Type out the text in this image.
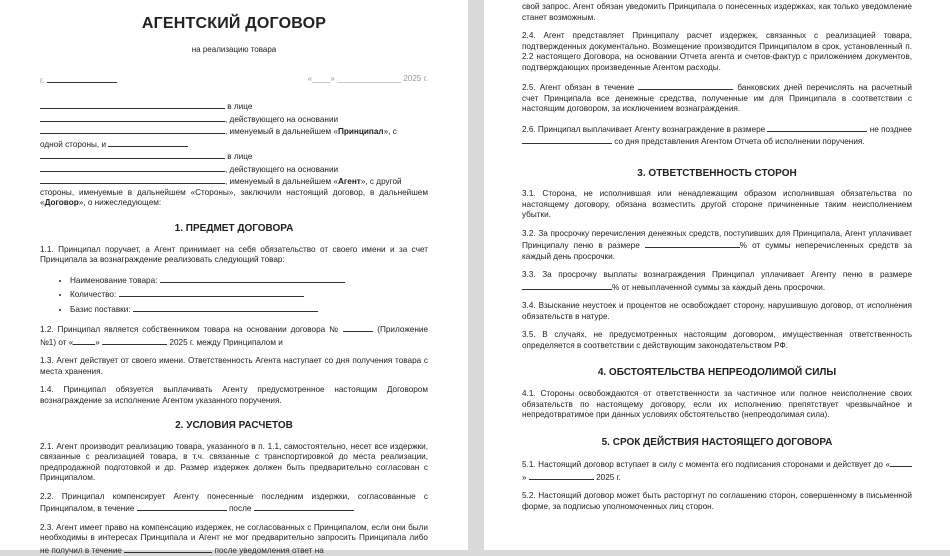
АГЕНТСКИЙ ДОГОВОР
на реализацию товара
г.	«____» ______________ 2025 г.

в лице

, действующего на основании

, именуемый в дальнейшем «Принципал», с

одной стороны, и

в лице

, действующего на основании

, именуемый в дальнейшем «Агент», с другой

стороны, именуемые в дальнейшем «Стороны», заключили настоящий договор, в дальнейшем «Договор», о нижеследующем:

1. ПРЕДМЕТ ДОГОВОРА

1.1. Принципал поручает, а Агент принимает на себя обязательство от своего имени и за счет Принципала за вознаграждение реализовать следующий товар:

• Наименование товара:
• Количество:
• Базис поставки:

1.2. Принципал является собственником товара на основании договора №	(Приложение №1) от «	»	2025 г. между Принципалом и

1.3. Агент действует от своего имени. Ответственность Агента наступает со дня получения товара с места хранения.

1.4. Принципал обязуется выплачивать Агенту предусмотренное настоящим Договором вознаграждение за исполнение Агентом указанного поручения.

2. УСЛОВИЯ РАСЧЕТОВ

2.1. Агент производит реализацию товара, указанного в п. 1.1, самостоятельно, несет все издержки, связанные с реализацией товара, в т.ч. связанные с транспортировкой до места реализации, предпродажной подготовкой и др. Размер издержек должен быть предварительно согласован с Принципалом.

2.2. Принципал компенсирует Агенту понесенные последним издержки, согласованные с Принципалом, в течение	после

2.3. Агент имеет право на компенсацию издержек, не согласованных с Принципалом, если они были необходимы в интересах Принципала и Агент не мог предварительно запросить Принципала либо не получил в течение	после уведомления ответ на

свой запрос. Агент обязан уведомить Принципала о понесенных издержках, как только уведомление станет возможным.

2.4. Агент представляет Принципалу расчет издержек, связанных с реализацией товара, подтвержденных документально. Возмещение производится Принципалом в срок, установленный п. 2.2 настоящего Договора, на основании Отчета агента и счетов-фактур с приложением документов, подтверждающих произведенные Агентом расходы.

2.5. Агент обязан в течение	банковских дней перечислять на расчетный счет Принципала все денежные средства, полученные им для Принципала в соответствии с настоящим договором, за исключением вознаграждения.

2.6. Принципал выплачивает Агенту вознаграждение в размере	не позднее  со дня представления Агентом Отчета об исполнении поручения.

3. ОТВЕТСТВЕННОСТЬ СТОРОН

3.1. Сторона, не исполнившая или ненадлежащим образом исполнившая обязательства по настоящему договору, обязана возместить другой стороне причиненные таким неисполнением убытки.

3.2. За просрочку перечисления денежных средств, поступивших для Принципала, Агент уплачивает Принципалу пеню в размере	% от суммы неперечисленных средств за каждый день просрочки.

3.3. За просрочку выплаты вознаграждения Принципал уплачивает Агенту пеню в размере % от невыплаченной суммы за каждый день просрочки.

3.4. Взыскание неустоек и процентов не освобождает сторону, нарушившую договор, от исполнения обязательств в натуре.

3.5. В случаях, не предусмотренных настоящим договором, имущественная ответственность определяется в соответствии с действующим законодательством РФ.

4. ОБСТОЯТЕЛЬСТВА НЕПРЕОДОЛИМОЙ СИЛЫ

4.1. Стороны освобождаются от ответственности за частичное или полное неисполнение своих обязательств по настоящему договору, если их исполнению препятствует чрезвычайное и непредотвратимое при данных условиях обстоятельство (непреодолимая сила).

5. СРОК ДЕЙСТВИЯ НАСТОЯЩЕГО ДОГОВОРА

5.1. Настоящий договор вступает в силу с момента его подписания сторонами и действует до «»	2025 г.

5.2. Настоящий договор может быть расторгнут по соглашению сторон, совершенному в письменной форме, за подписью уполномоченных лиц сторон.
